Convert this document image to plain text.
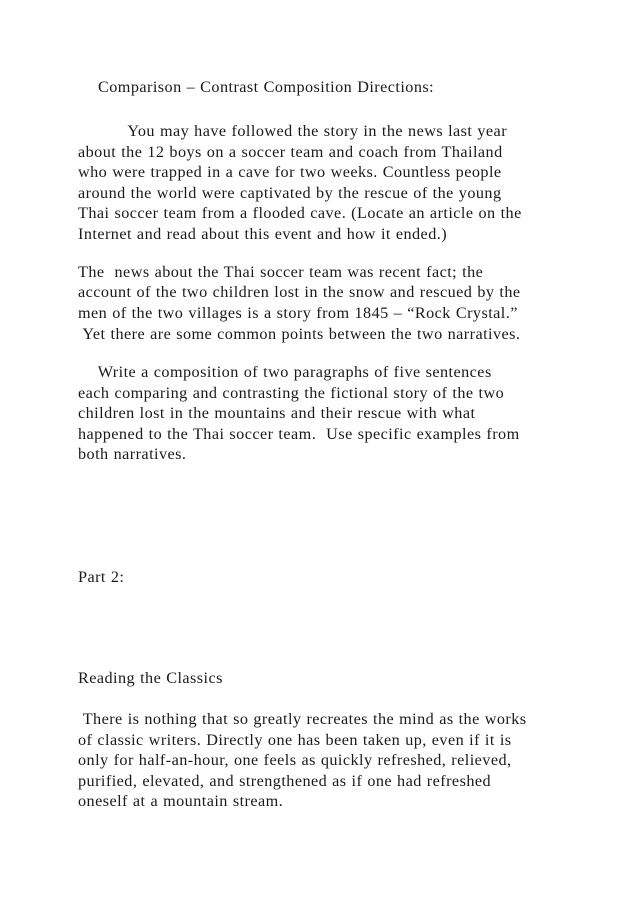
Comparison – Contrast Composition Directions:

You may have followed the story in the news last year

about the 12 boys on a soccer team and coach from Thailand

who were trapped in a cave for two weeks. Countless people

around the world were captivated by the rescue of the young

Thai soccer team from a flooded cave. (Locate an article on the

Internet and read about this event and how it ended.)

The  news about the Thai soccer team was recent fact; the

account of the two children lost in the snow and rescued by the

men of the two villages is a story from 1845 – “Rock Crystal.”

Yet there are some common points between the two narratives.

Write a composition of two paragraphs of five sentences

each comparing and contrasting the fictional story of the two

children lost in the mountains and their rescue with what

happened to the Thai soccer team.  Use specific examples from

both narratives.

Part 2:

Reading the Classics

There is nothing that so greatly recreates the mind as the works

of classic writers. Directly one has been taken up, even if it is

only for half-an-hour, one feels as quickly refreshed, relieved,

purified, elevated, and strengthened as if one had refreshed

oneself at a mountain stream.
